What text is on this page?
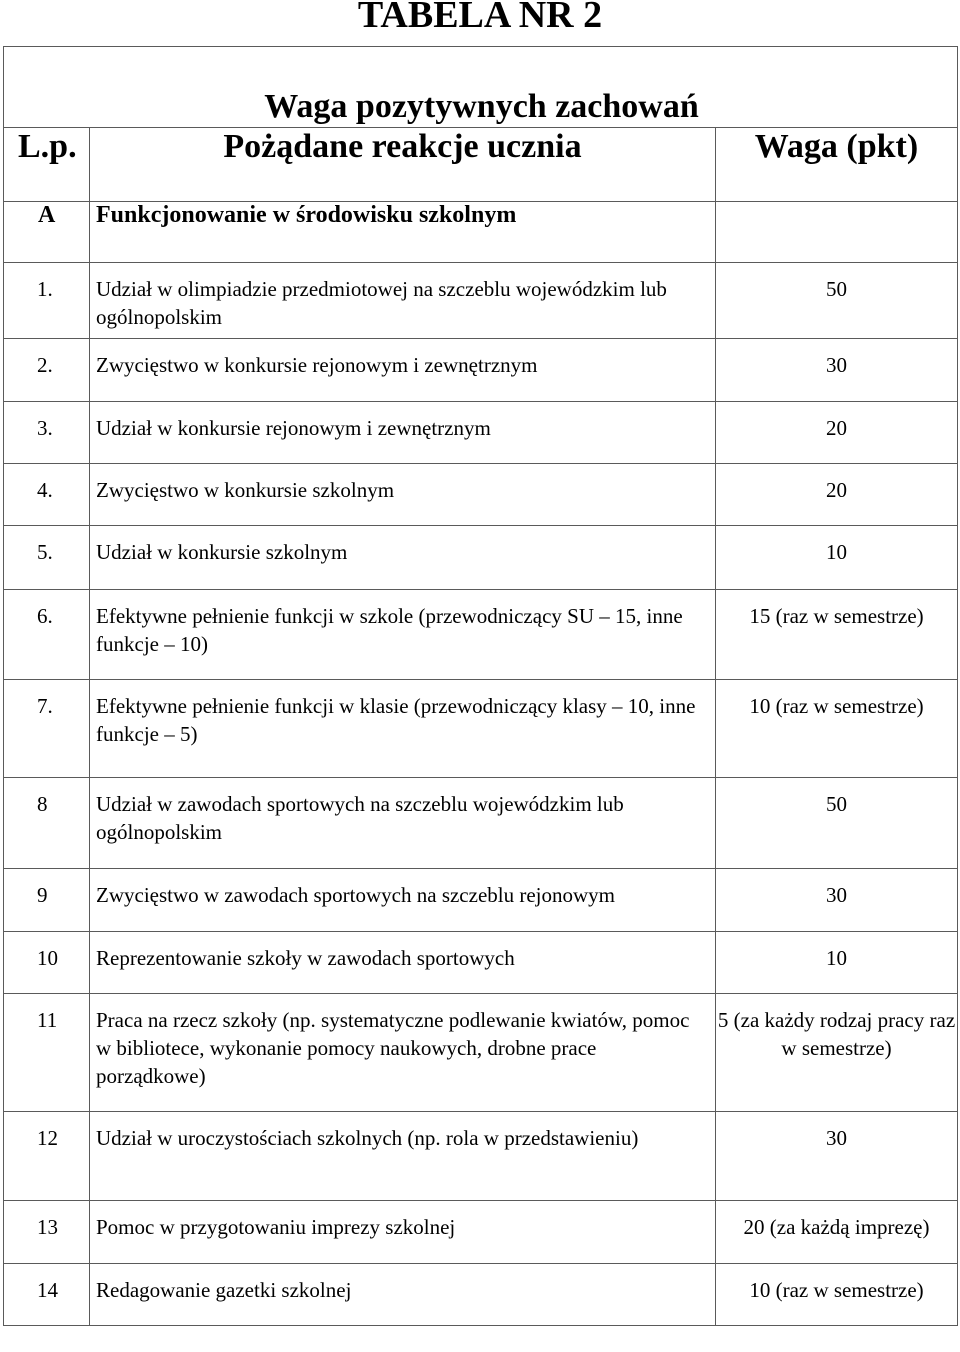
TABELA NR 2
Waga pozytywnych zachowań		
L.p.	Pożądane reakcje ucznia	Waga (pkt)
A	Funkcjonowanie w środowisku szkolnym	
1.	Udział w olimpiadzie przedmiotowej na szczeblu wojewódzkim lub ogólnopolskim	50
2.	Zwycięstwo w konkursie rejonowym i zewnętrznym	30
3.	Udział w konkursie rejonowym i zewnętrznym	20
4.	Zwycięstwo w konkursie szkolnym	20
5.	Udział w konkursie szkolnym	10
6.	Efektywne pełnienie funkcji w szkole (przewodniczący SU – 15, inne funkcje – 10)	15 (raz w semestrze)
7.	Efektywne pełnienie funkcji w klasie (przewodniczący klasy – 10, inne funkcje – 5)	10 (raz w semestrze)
8	Udział w zawodach sportowych na szczeblu wojewódzkim lub ogólnopolskim	50
9	Zwycięstwo w zawodach sportowych na szczeblu rejonowym	30
10	Reprezentowanie szkoły w zawodach sportowych	10
11	Praca na rzecz szkoły (np. systematyczne podlewanie kwiatów, pomoc w bibliotece, wykonanie pomocy naukowych, drobne prace porządkowe)	5 (za każdy rodzaj pracy raz w semestrze)
12	Udział w uroczystościach szkolnych (np. rola w przedstawieniu)	30
13	Pomoc w przygotowaniu imprezy szkolnej	20 (za każdą imprezę)
14	Redagowanie gazetki szkolnej	10 (raz w semestrze)
